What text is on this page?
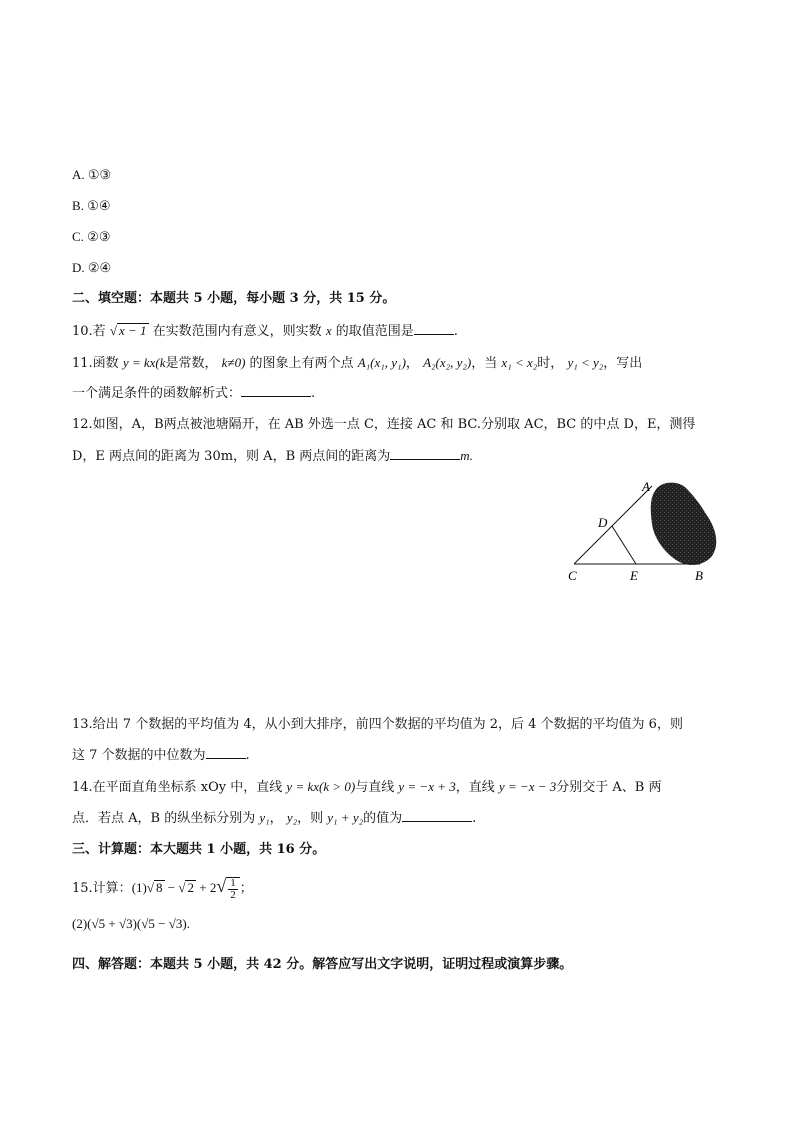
A. ①③
B. ①④
C. ②③
D. ②④
二、填空题：本题共 5 小题，每小题 3 分，共 15 分。
10.若 √ x − 1 在实数范围内有意义，则实数 x 的取值范围是	.
11.函数 y = kx(k是常数， k≠0) 的图象上有两个点 A₁(x₁, y₁)， A₂(x₂, y₂)，当 x₁ < x₂时， y₁ < y₂，写出
一个满足条件的函数解析式：	.
12.如图，A，B两点被池塘隔开，在 AB 外选一点 C，连接 AC 和 BC.分别取 AC，BC 的中点 D，E，测得
D，E 两点间的距离为 30m，则 A，B 两点间的距离为	m.
A
D
C	E	B
13.给出 7 个数据的平均值为 4，从小到大排序，前四个数据的平均值为 2，后 4 个数据的平均值为 6，则
这 7 个数据的中位数为	.
14.在平面直角坐标系 xOy 中，直线 y = kx(k > 0)与直线 y = −x + 3，直线 y = −x − 3分别交于 A、B 两
点．若点 A，B 的纵坐标分别为 y₁， y₂，则 y₁ + y₂的值为	.
三、计算题：本大题共 1 小题，共 16 分。
15.计算：(1)√ 8 − √ $2 + 2√ \frac{1}{2}$ ；
(2)(√5 + √3)(√5 − √3).
四、解答题：本题共 5 小题，共 42 分。解答应写出文字说明，证明过程或演算步骤。
